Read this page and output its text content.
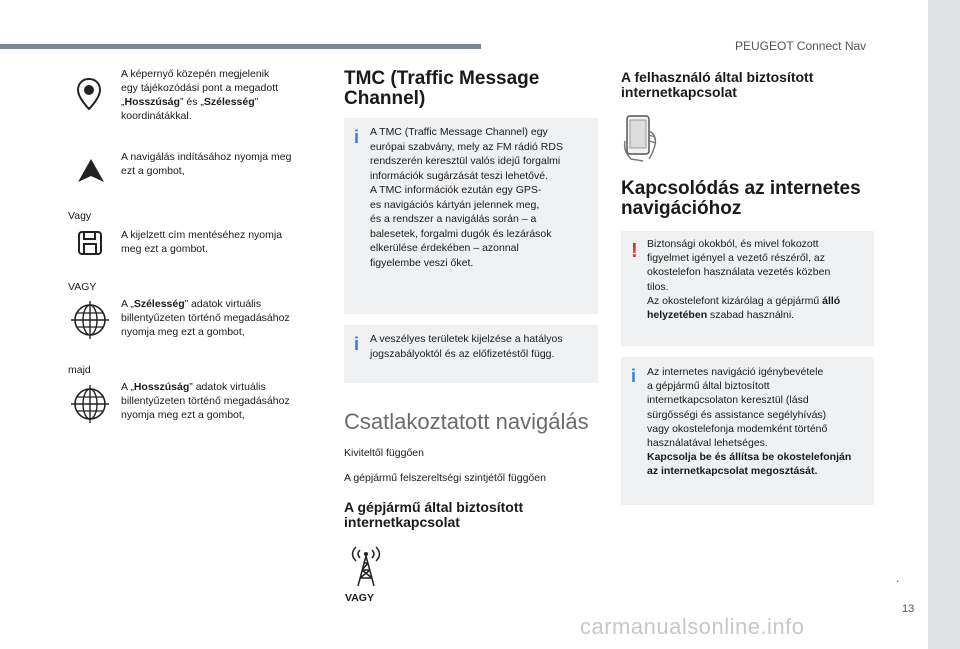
PEUGEOT Connect Nav
A képernyő közepén megjelenik
egy tájékozódási pont a megadott
„Hosszúság” és „Szélesség”
koordinátákkal.
A navigálás indításához nyomja meg
ezt a gombot,
Vagy
A kijelzett cím mentéséhez nyomja
meg ezt a gombot.
VAGY
A „Szélesség” adatok virtuális
billentyűzeten történő megadásához
nyomja meg ezt a gombot,
majd
A „Hosszúság” adatok virtuális
billentyűzeten történő megadásához
nyomja meg ezt a gombot,
TMC (Traffic Message
Channel)
i A TMC (Traffic Message Channel) egy
európai szabvány, mely az FM rádió RDS
rendszerén keresztül valós idejű forgalmi
információk sugárzását teszi lehetővé.
A TMC információk ezután egy GPS-
es navigációs kártyán jelennek meg,
és a rendszer a navigálás során – a
balesetek, forgalmi dugók és lezárások
elkerülése érdekében – azonnal
figyelembe veszi őket.
i A veszélyes területek kijelzése a hatályos
jogszabályoktól és az előfizetéstől függ.
Csatlakoztatott navigálás
Kiviteltől függően
A gépjármű felszereltségi szintjétől függően
A gépjármű által biztosított
internetkapcsolat
VAGY
A felhasználó által biztosított
internetkapcsolat
Kapcsolódás az internetes
navigációhoz
! Biztonsági okokból, és mivel fokozott
figyelmet igényel a vezető részéről, az
okostelefon használata vezetés közben
tilos.
Az okostelefont kizárólag a gépjármű álló
helyzetében szabad használni.
i Az internetes navigáció igénybevétele
a gépjármű által biztosított
internetkapcsolaton keresztül (lásd
sürgősségi és assistance segélyhívás)
vagy okostelefonja modemként történő
használatával lehetséges.
Kapcsolja be és állítsa be okostelefonján
az internetkapcsolat megosztását.
.
13
carmanualsonline.info
